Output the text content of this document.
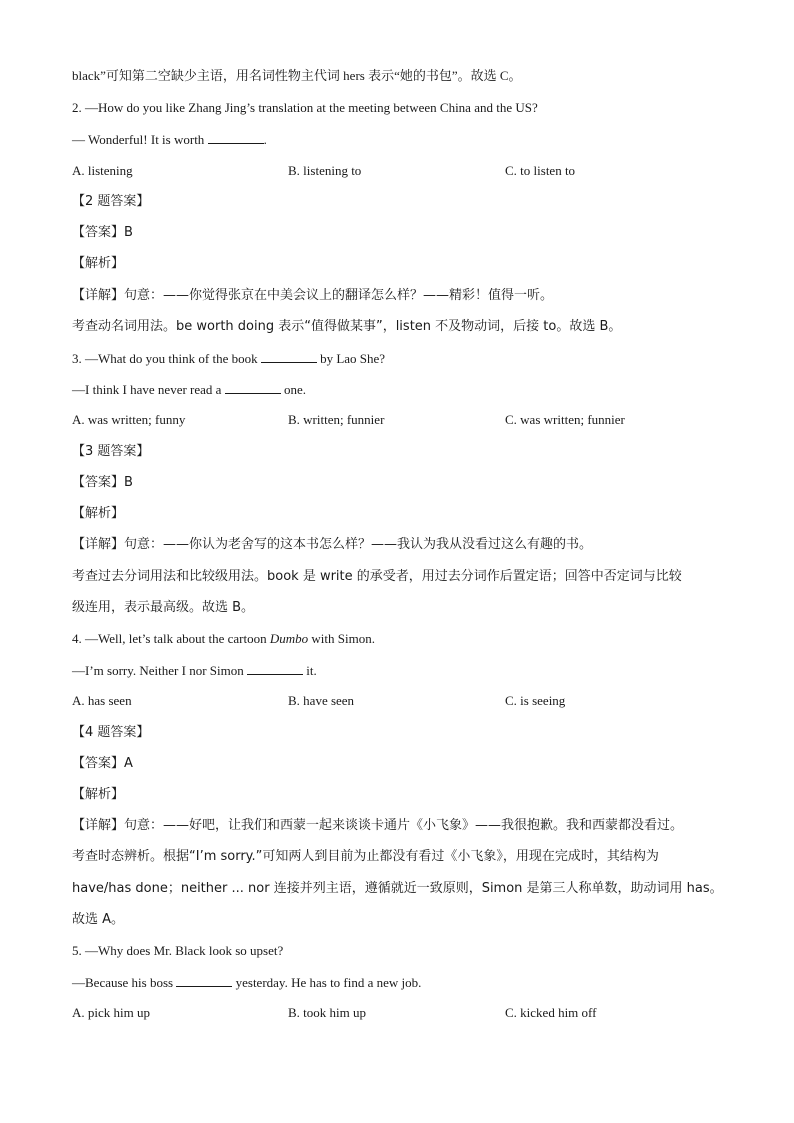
black”可知第二空缺少主语，用名词性物主代词 hers 表示“她的书包”。故选 C。
2. —How do you like Zhang Jing’s translation at the meeting between China and the US?
— Wonderful! It is worth	.
A. listening	B. listening to	C. to listen to
【2 题答案】
【答案】B
【解析】
【详解】句意：——你觉得张京在中美会议上的翻译怎么样？——精彩！值得一听。
考查动名词用法。be worth doing 表示“值得做某事”，listen 不及物动词，后接 to。故选 B。
3. —What do you think of the book	by Lao She?
—I think I have never read a	one.
A. was written; funny	B. written; funnier	C. was written; funnier
【3 题答案】
【答案】B
【解析】
【详解】句意：——你认为老舍写的这本书怎么样？——我认为我从没看过这么有趣的书。
考查过去分词用法和比较级用法。book 是 write 的承受者，用过去分词作后置定语；回答中否定词与比较
级连用，表示最高级。故选 B。
4. —Well, let’s talk about the cartoon Dumbo with Simon.
—I’m sorry. Neither I nor Simon	it.
A. has seen	B. have seen	C. is seeing
【4 题答案】
【答案】A
【解析】
【详解】句意：——好吧，让我们和西蒙一起来谈谈卡通片《小飞象》——我很抱歉。我和西蒙都没看过。
考查时态辨析。根据“I’m sorry.”可知两人到目前为止都没有看过《小飞象》，用现在完成时，其结构为
have/has done；neither ... nor 连接并列主语，遵循就近一致原则，Simon 是第三人称单数，助动词用 has。
故选 A。
5. —Why does Mr. Black look so upset?
—Because his boss	yesterday. He has to find a new job.
A. pick him up	B. took him up	C. kicked him off
